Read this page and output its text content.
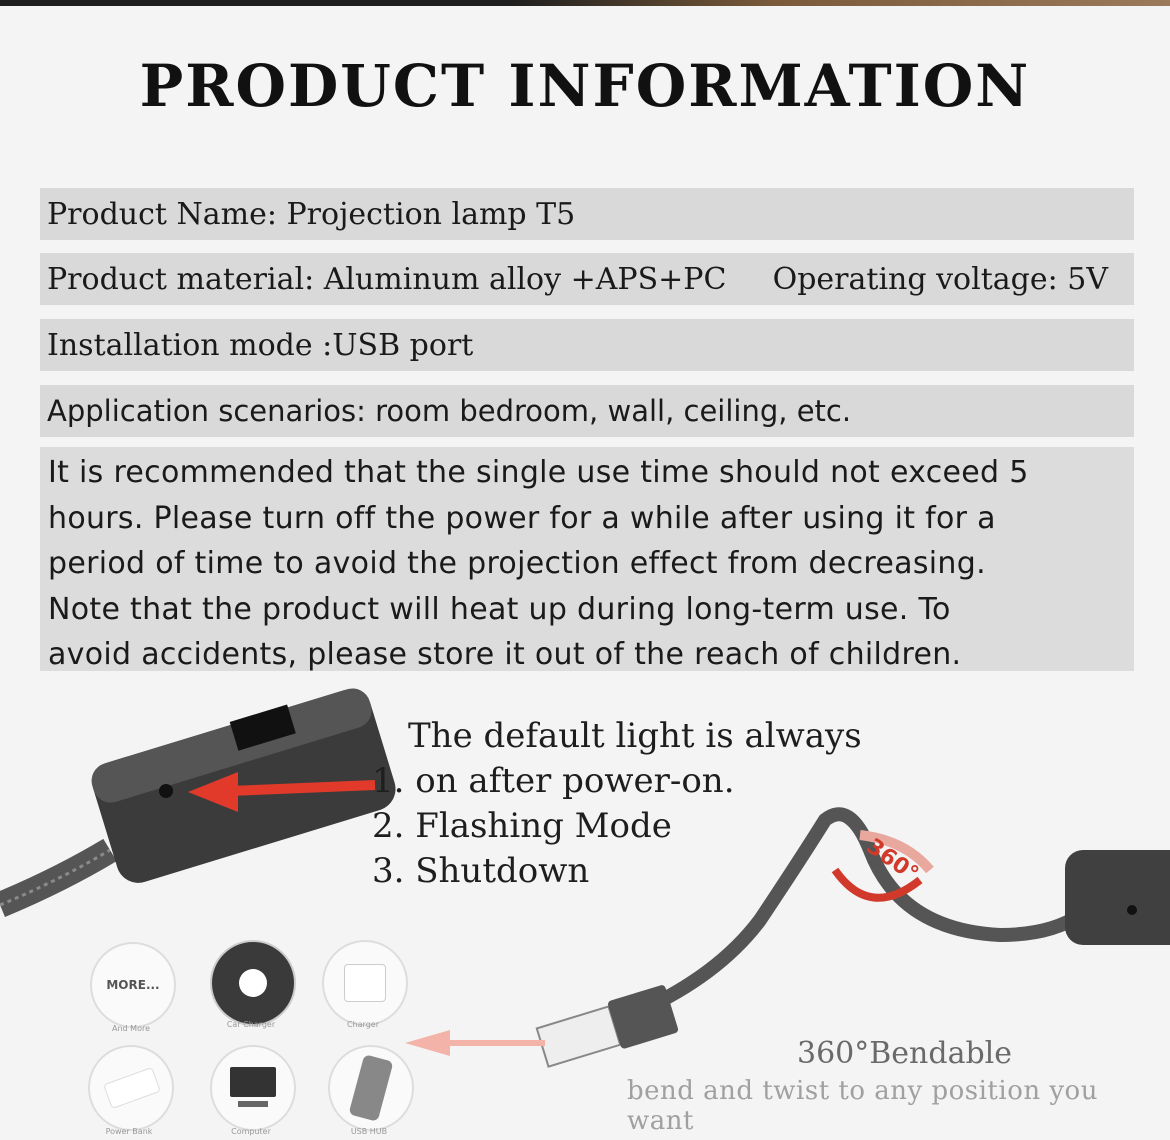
PRODUCT INFORMATION
Product Name: Projection lamp T5
Product material: Aluminum alloy +APS+PC Operating voltage: 5V
Installation mode :USB port
Application scenarios: room bedroom, wall, ceiling, etc.
It is recommended that the single use time should not exceed 5
hours. Please turn off the power for a while after using it for a
period of time to avoid the projection effect from decreasing.
Note that the product will heat up during long-term use. To
avoid accidents, please store it out of the reach of children.
360°
The default light is always
1. on after power-on.
2. Flashing Mode
3. Shutdown
MORE...
And More	Car Charger	Charger
Power Bank	Computer	USB HUB
360°Bendable
bend and twist to any position you want
